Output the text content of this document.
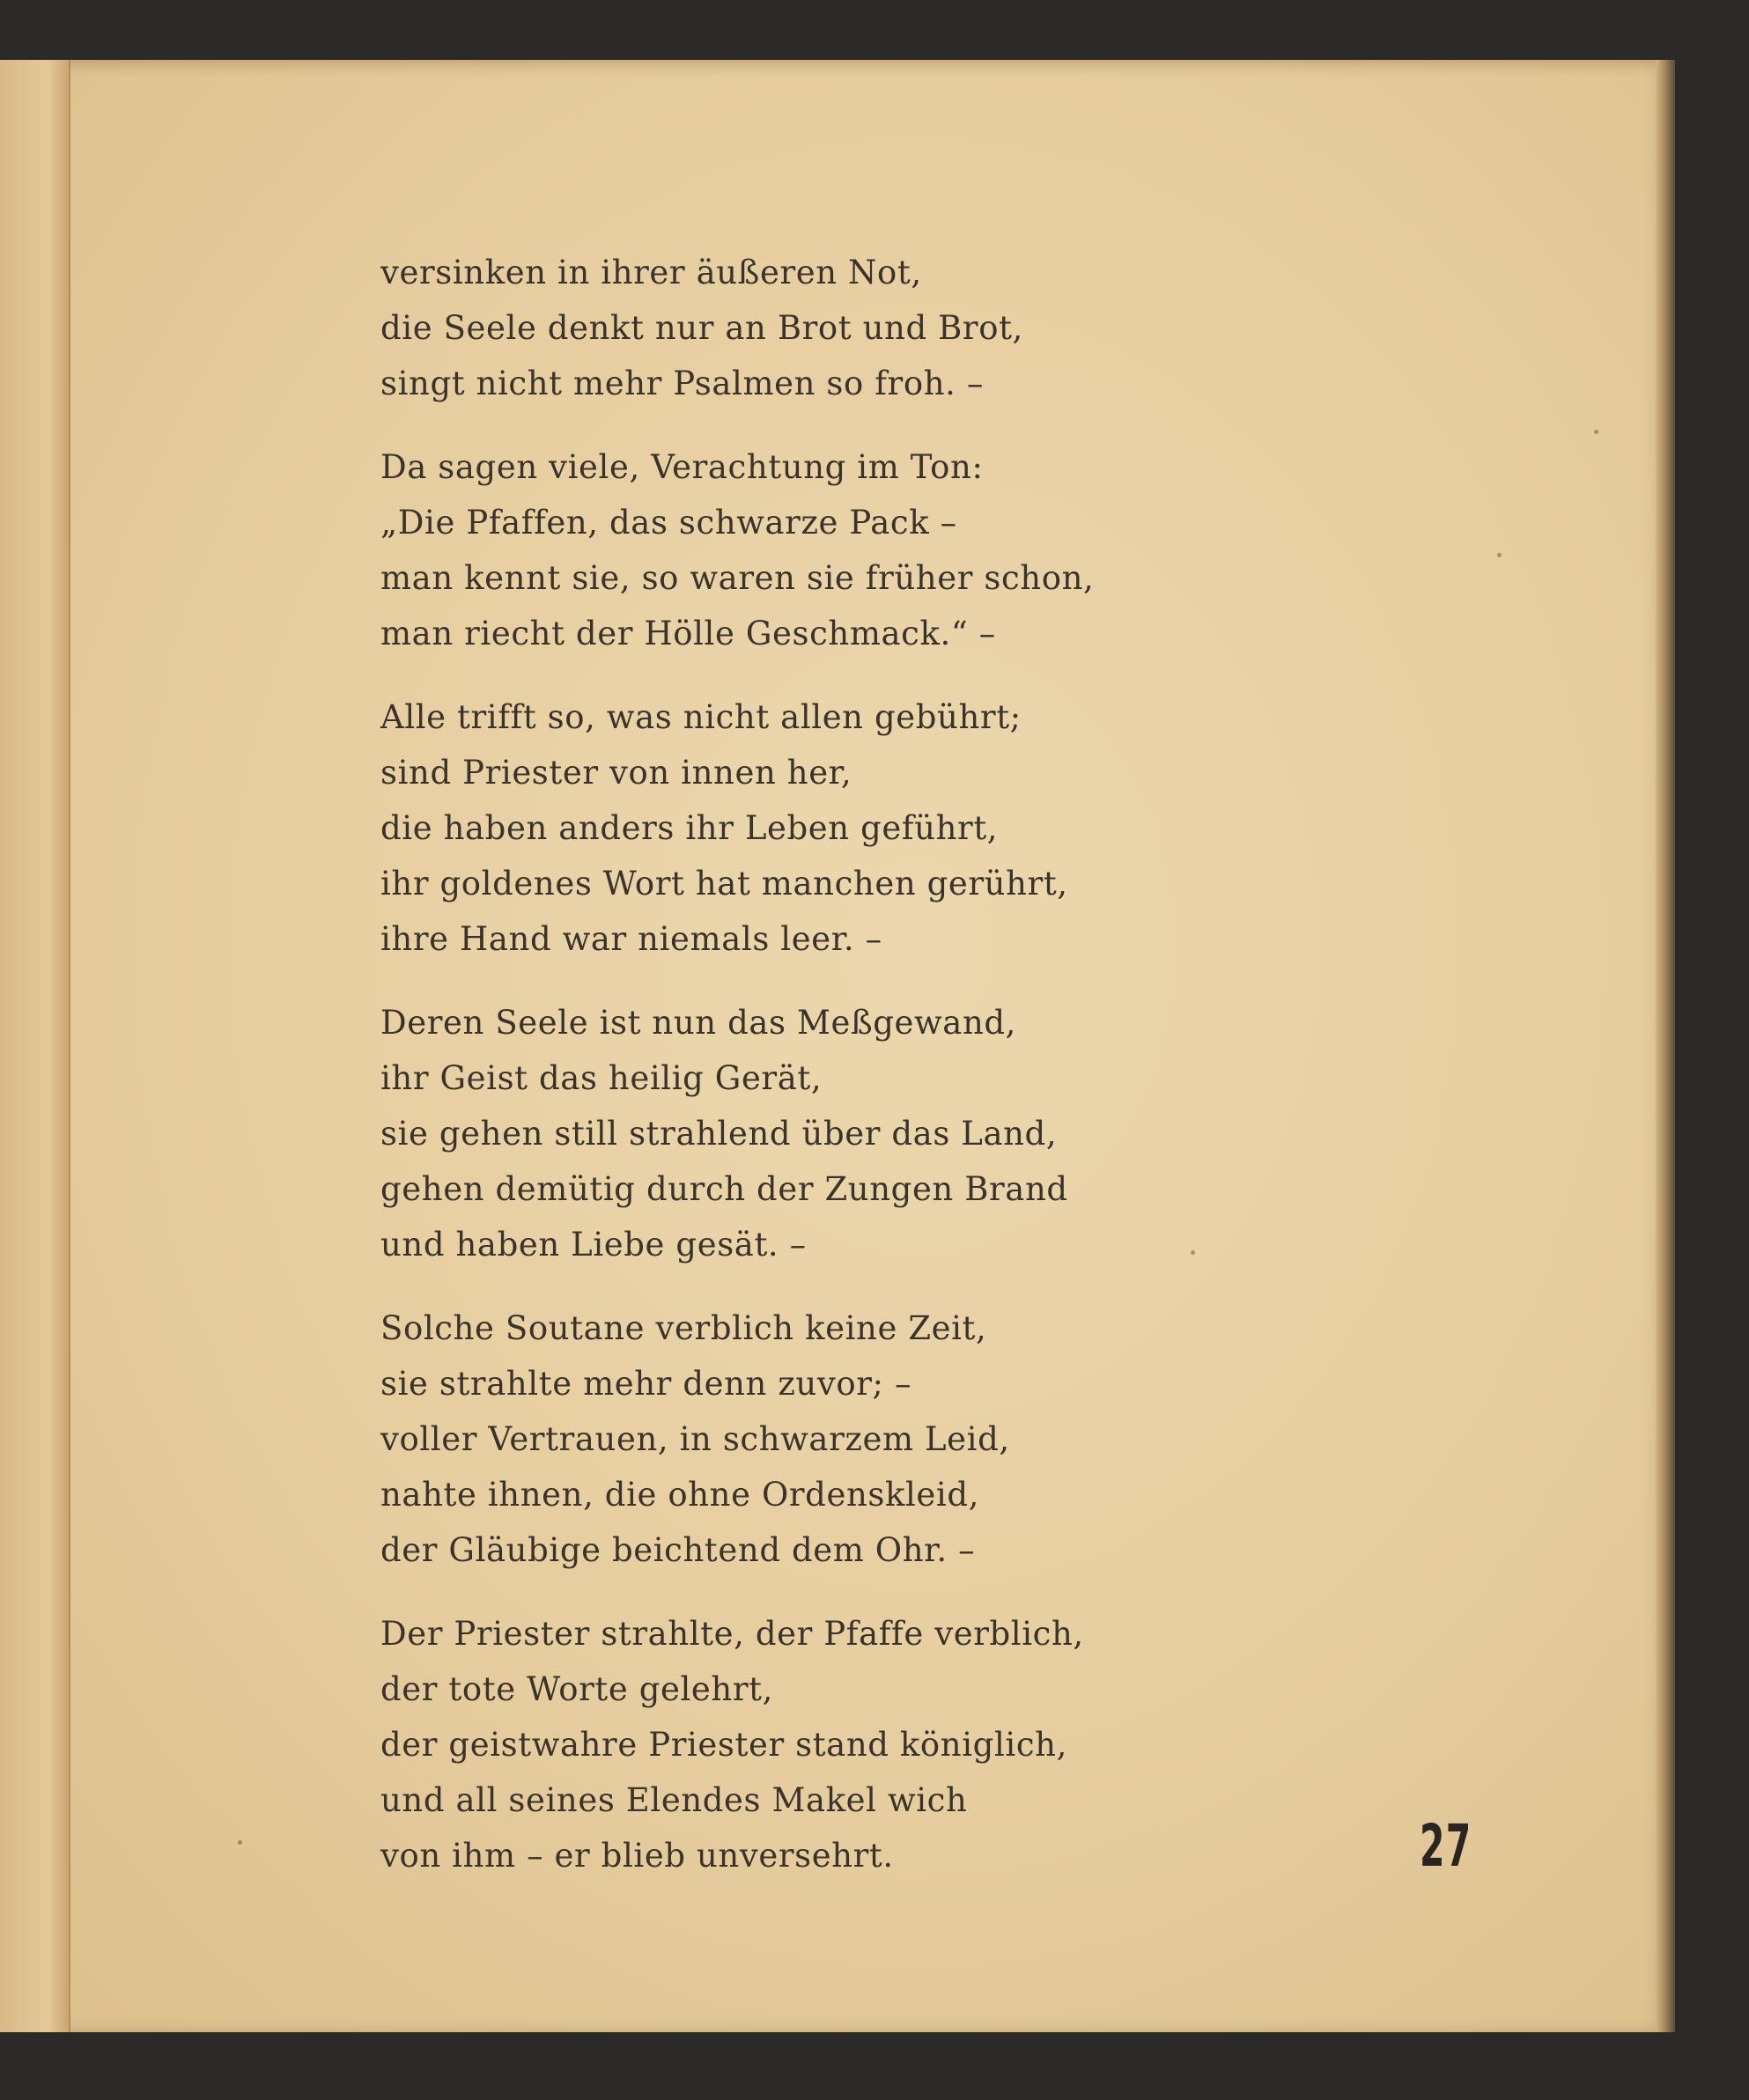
versinken in ihrer äußeren Not,
die Seele denkt nur an Brot und Brot,
singt nicht mehr Psalmen so froh. –
Da sagen viele, Verachtung im Ton:
„Die Pfaffen, das schwarze Pack –
man kennt sie, so waren sie früher schon,
man riecht der Hölle Geschmack.“ –
Alle trifft so, was nicht allen gebührt;
sind Priester von innen her,
die haben anders ihr Leben geführt,
ihr goldenes Wort hat manchen gerührt,
ihre Hand war niemals leer. –
Deren Seele ist nun das Meßgewand,
ihr Geist das heilig Gerät,
sie gehen still strahlend über das Land,
gehen demütig durch der Zungen Brand
und haben Liebe gesät. –
Solche Soutane verblich keine Zeit,
sie strahlte mehr denn zuvor; –
voller Vertrauen, in schwarzem Leid,
nahte ihnen, die ohne Ordenskleid,
der Gläubige beichtend dem Ohr. –
Der Priester strahlte, der Pfaffe verblich,
der tote Worte gelehrt,
der geistwahre Priester stand königlich,
und all seines Elendes Makel wich
von ihm – er blieb unversehrt.	27
